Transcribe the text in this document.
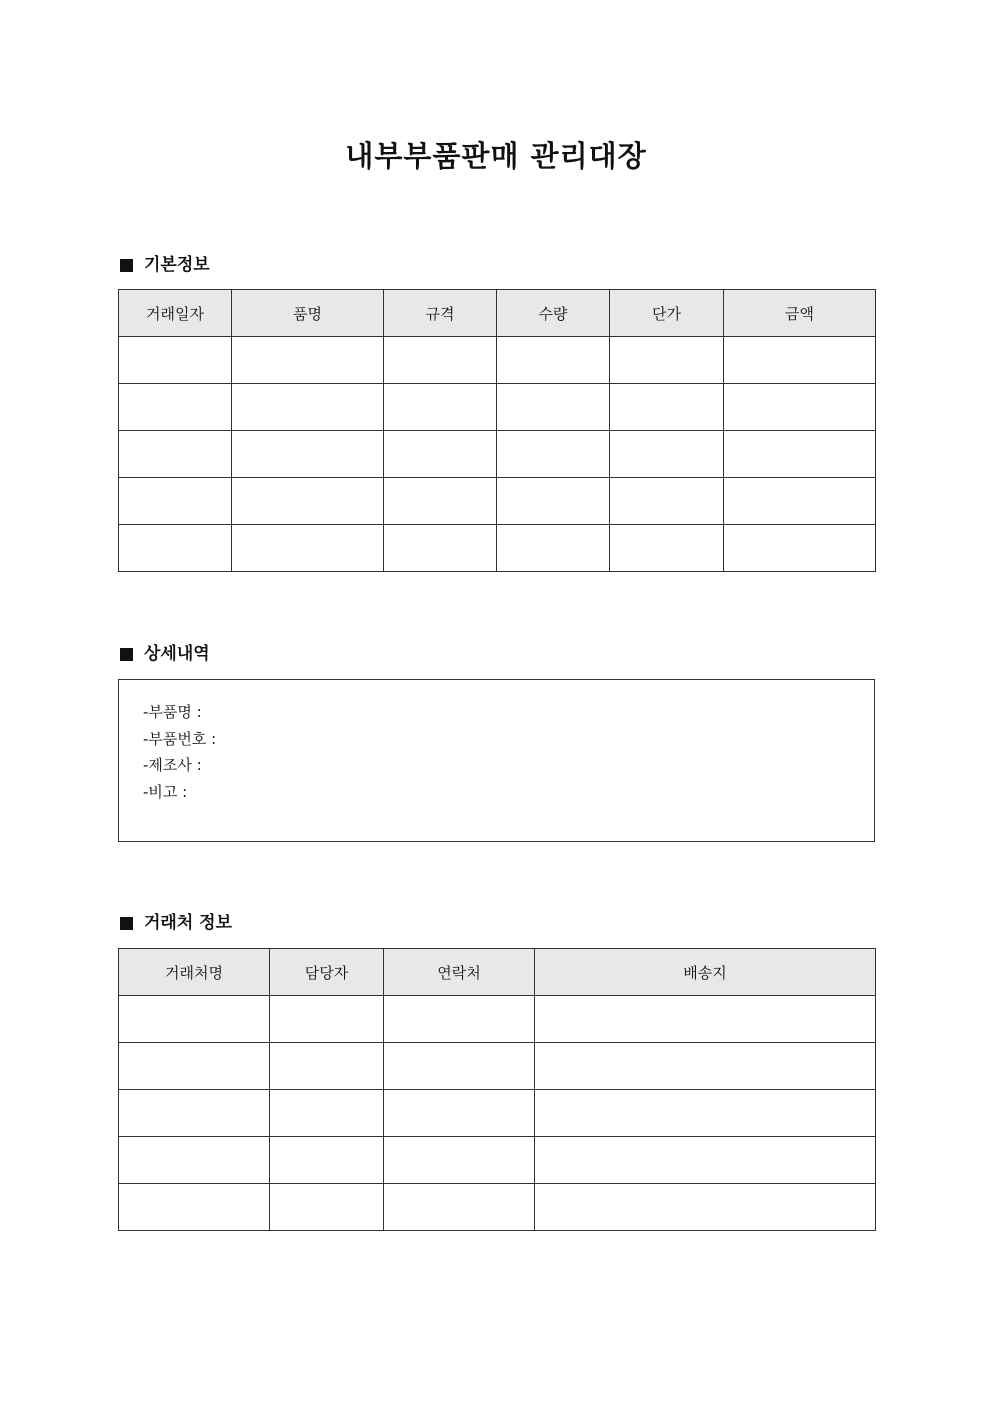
내부부품판매 관리대장
기본정보
거래일자	품명	규격	수량	단가	금액

상세내역
-부품명 :
-부품번호 :
-제조사 :
-비고 :
거래처 정보
거래처명	담당자	연락처	배송지
